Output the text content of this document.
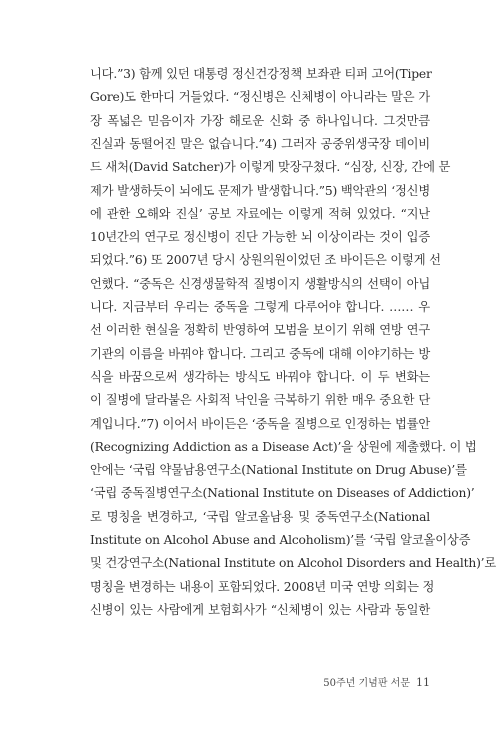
니다.”3) 함께 있던 대통령 정신건강정책 보좌관 티퍼 고어(Tiper
Gore)도 한마디 거들었다. “정신병은 신체병이 아니라는 말은 가
장 폭넓은 믿음이자 가장 해로운 신화 중 하나입니다. 그것만큼
진실과 동떨어진 말은 없습니다.”4) 그러자 공중위생국장 데이비
드 새처(David Satcher)가 이렇게 맞장구쳤다. “심장, 신장, 간에 문
제가 발생하듯이 뇌에도 문제가 발생합니다.”5) 백악관의 ‘정신병
에 관한 오해와 진실’ 공보 자료에는 이렇게 적혀 있었다. “지난
10년간의 연구로 정신병이 진단 가능한 뇌 이상이라는 것이 입증
되었다.”6) 또 2007년 당시 상원의원이었던 조 바이든은 이렇게 선
언했다. “중독은 신경생물학적 질병이지 생활방식의 선택이 아닙
니다. 지금부터 우리는 중독을 그렇게 다루어야 합니다. …… 우
선 이러한 현실을 정확히 반영하여 모범을 보이기 위해 연방 연구
기관의 이름을 바꿔야 합니다. 그리고 중독에 대해 이야기하는 방
식을 바꿈으로써 생각하는 방식도 바꿔야 합니다. 이 두 변화는
이 질병에 달라붙은 사회적 낙인을 극복하기 위한 매우 중요한 단
계입니다.”7) 이어서 바이든은 ‘중독을 질병으로 인정하는 법률안
(Recognizing Addiction as a Disease Act)’을 상원에 제출했다. 이 법
안에는 ‘국립 약물남용연구소(National Institute on Drug Abuse)’를
‘국립 중독질병연구소(National Institute on Diseases of Addiction)’
로 명칭을 변경하고, ‘국립 알코올남용 및 중독연구소(National
Institute on Alcohol Abuse and Alcoholism)’를 ‘국립 알코올이상증
및 건강연구소(National Institute on Alcohol Disorders and Health)’로
명칭을 변경하는 내용이 포함되었다. 2008년 미국 연방 의회는 정
신병이 있는 사람에게 보험회사가 “신체병이 있는 사람과 동일한
50주년 기념판 서문 11
